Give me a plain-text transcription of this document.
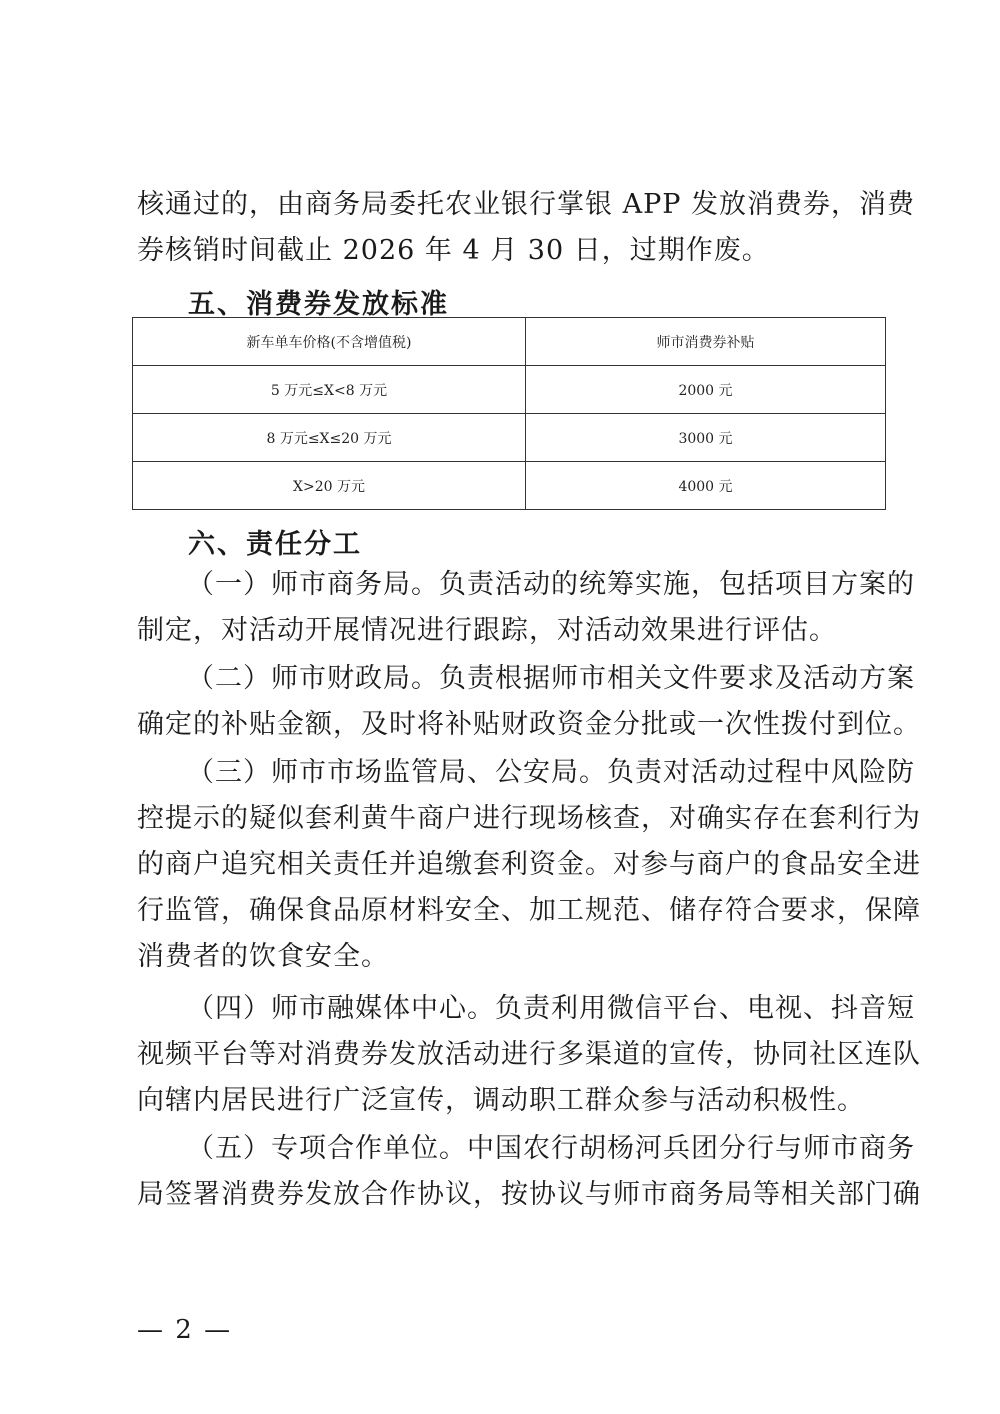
核通过的，由商务局委托农业银行掌银 APP 发放消费券，消费
券核销时间截止 2026 年 4 月 30 日，过期作废。

五、消费券发放标准
新车单车价格(不含增值税)	师市消费券补贴
5 万元≤X<8 万元	2000 元
8 万元≤X≤20 万元	3000 元
X>20 万元	4000 元
六、责任分工

（一）师市商务局。负责活动的统筹实施，包括项目方案的
制定，对活动开展情况进行跟踪，对活动效果进行评估。

（二）师市财政局。负责根据师市相关文件要求及活动方案
确定的补贴金额，及时将补贴财政资金分批或一次性拨付到位。

（三）师市市场监管局、公安局。负责对活动过程中风险防
控提示的疑似套利黄牛商户进行现场核查，对确实存在套利行为
的商户追究相关责任并追缴套利资金。对参与商户的食品安全进
行监管，确保食品原材料安全、加工规范、储存符合要求，保障
消费者的饮食安全。

（四）师市融媒体中心。负责利用微信平台、电视、抖音短
视频平台等对消费券发放活动进行多渠道的宣传，协同社区连队
向辖内居民进行广泛宣传，调动职工群众参与活动积极性。

（五）专项合作单位。中国农行胡杨河兵团分行与师市商务
局签署消费券发放合作协议，按协议与师市商务局等相关部门确

— 2 —
